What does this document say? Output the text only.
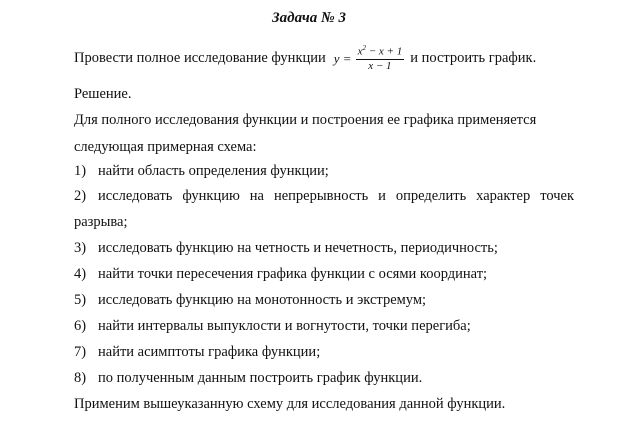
Задача № 3
Провести полное исследование функции $y = \frac{x^2 - x + 1}{x - 1}$ и построить график.
Решение.
Для полного исследования функции и построения ее графика применяется
следующая примерная схема:
1) найти область определения функции;
2) исследовать функцию на непрерывность и определить характер точек
разрыва;
3) исследовать функцию на четность и нечетность, периодичность;
4) найти точки пересечения графика функции с осями координат;
5) исследовать функцию на монотонность и экстремум;
6) найти интервалы выпуклости и вогнутости, точки перегиба;
7) найти асимптоты графика функции;
8) по полученным данным построить график функции.
Применим вышеуказанную схему для исследования данной функции.
